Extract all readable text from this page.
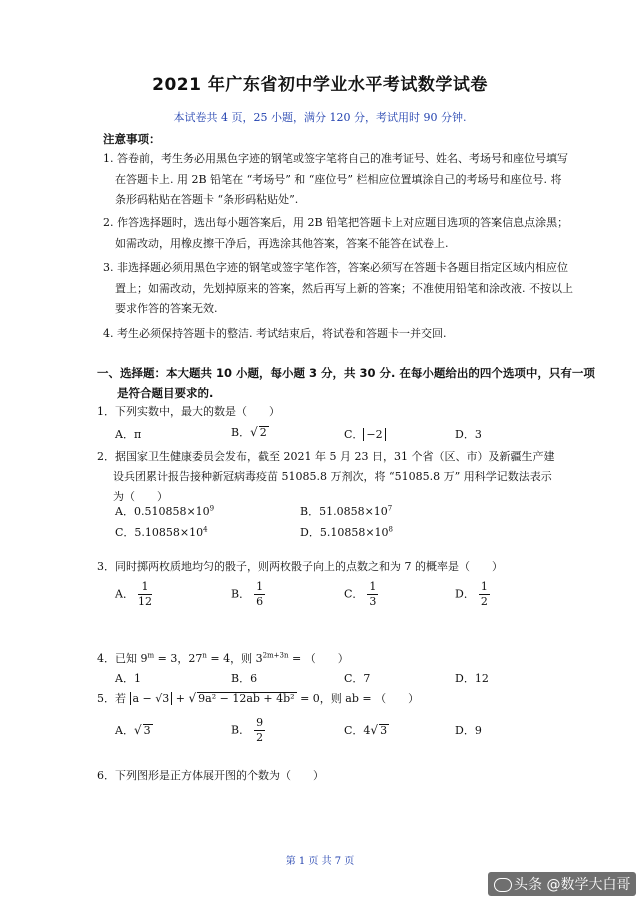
2021 年广东省初中学业水平考试数学试卷
本试卷共 4 页，25 小题，满分 120 分，考试用时 90 分钟.
注意事项：
1. 答卷前，考生务必用黑色字迹的钢笔或签字笔将自己的准考证号、姓名、考场号和座位号填写
在答题卡上. 用 2B 铅笔在 “考场号” 和 “座位号” 栏相应位置填涂自己的考场号和座位号. 将
条形码粘贴在答题卡 “条形码粘贴处”.
2. 作答选择题时，选出每小题答案后，用 2B 铅笔把答题卡上对应题目选项的答案信息点涂黑；
如需改动，用橡皮擦干净后，再选涂其他答案，答案不能答在试卷上.
3. 非选择题必须用黑色字迹的钢笔或签字笔作答，答案必须写在答题卡各题目指定区域内相应位
置上；如需改动，先划掉原来的答案，然后再写上新的答案；不准使用铅笔和涂改液. 不按以上
要求作答的答案无效.
4. 考生必须保持答题卡的整洁. 考试结束后，将试卷和答题卡一并交回.
一、选择题：本大题共 10 小题，每小题 3 分，共 30 分. 在每小题给出的四个选项中，只有一项
是符合题目要求的.
1．下列实数中，最大的数是（　　）
A．π	B．√ 2	C． −2	D．3
2．据国家卫生健康委员会发布，截至 2021 年 5 月 23 日，31 个省（区、市）及新疆生产建
设兵团累计报告接种新冠病毒疫苗 51085.8 万剂次，将 “51085.8 万” 用科学记数法表示
为（　　）
A．$0.510858\times 10^9$	B．$51.0858\times 10^7$
C．$5.10858\times 10^4$	D．$5.10858\times 10^8$
3．同时掷两枚质地均匀的骰子，则两枚骰子向上的点数之和为 7 的概率是（　　）
A． $\frac{1}{12}$	B． $\frac{1}{6}$	C． $\frac{1}{3}$	D． $\frac{1}{2}$
4．已知 $9^m = 3$，$27^n = 4$，则 $3^{2m+3n}$ = （　　）
A．1	B．6	C．7	D．12
5．若 a − √3 + √ 9a² − 12ab + 4b² = 0，则 ab = （　　）
A．√ 3	B． $\frac{9}{2}$	C．4√ 3	D．9
6．下列图形是正方体展开图的个数为（　　）
第 1 页 共 7 页
头条 @数学大白哥
